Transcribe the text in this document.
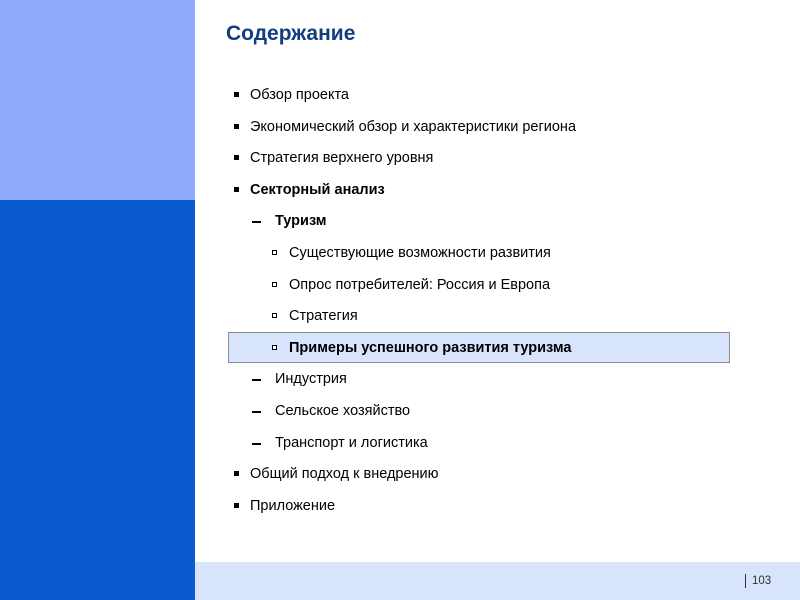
Содержание
Обзор проекта
Экономический обзор и характеристики региона
Стратегия верхнего уровня
Секторный анализ
Туризм
Существующие возможности развития
Опрос потребителей: Россия и Европа
Стратегия
Примеры успешного развития туризма
Индустрия
Сельское хозяйство
Транспорт и логистика
Общий подход к внедрению
Приложение
103
